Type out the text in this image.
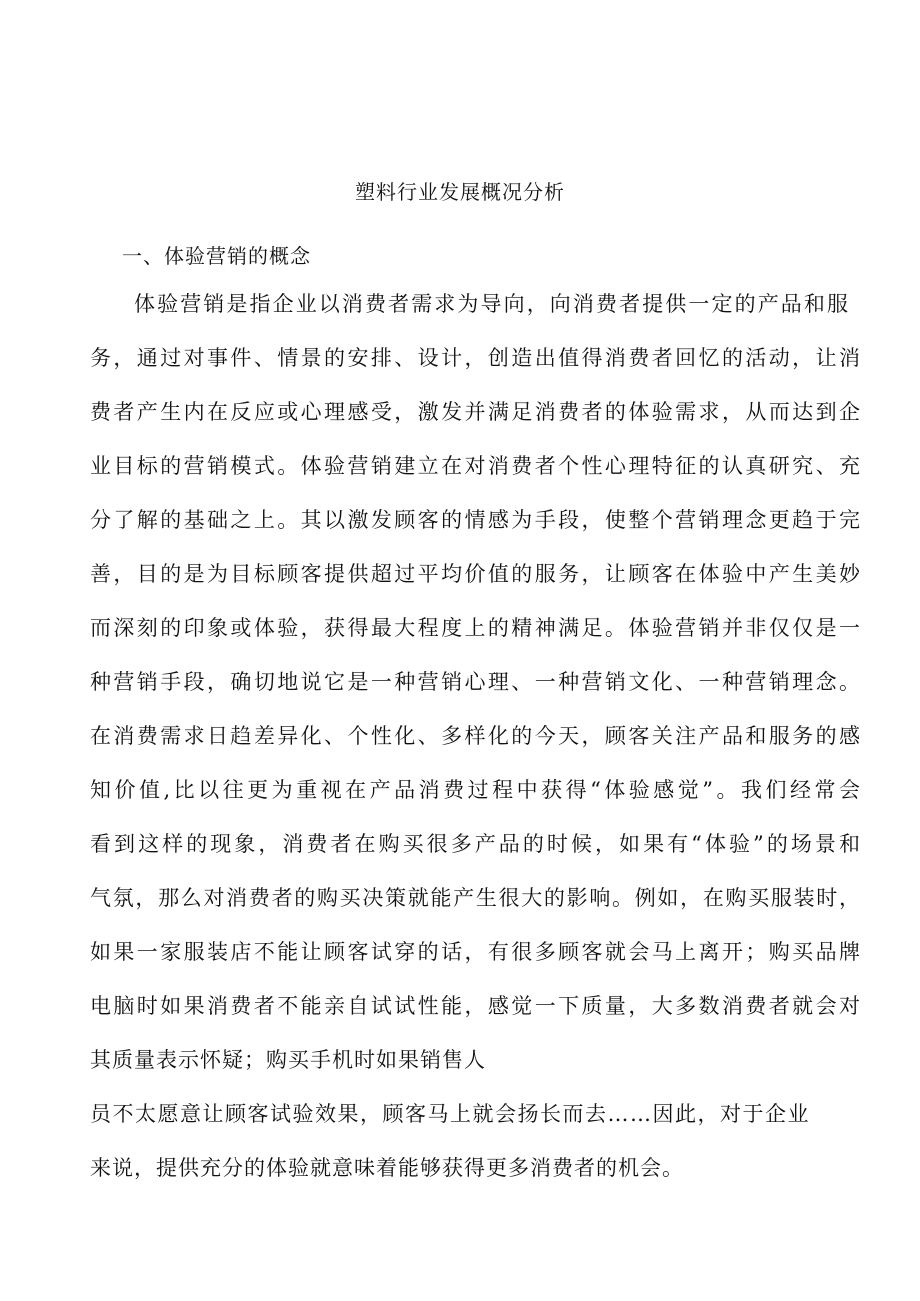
塑料行业发展概况分析
一、体验营销的概念
体验营销是指企业以消费者需求为导向，向消费者提供一定的产品和服
务，通过对事件、情景的安排、设计，创造出值得消费者回忆的活动，让消
费者产生内在反应或心理感受，激发并满足消费者的体验需求，从而达到企
业目标的营销模式。体验营销建立在对消费者个性心理特征的认真研究、充
分了解的基础之上。其以激发顾客的情感为手段，使整个营销理念更趋于完
善，目的是为目标顾客提供超过平均价值的服务，让顾客在体验中产生美妙
而深刻的印象或体验，获得最大程度上的精神满足。体验营销并非仅仅是一
种营销手段，确切地说它是一种营销心理、一种营销文化、一种营销理念。
在消费需求日趋差异化、个性化、多样化的今天，顾客关注产品和服务的感
知价值,比以往更为重视在产品消费过程中获得“体验感觉”。我们经常会
看到这样的现象，消费者在购买很多产品的时候，如果有“体验”的场景和
气氛，那么对消费者的购买决策就能产生很大的影响。例如，在购买服装时，
如果一家服装店不能让顾客试穿的话，有很多顾客就会马上离开；购买品牌
电脑时如果消费者不能亲自试试性能，感觉一下质量，大多数消费者就会对
其质量表示怀疑；购买手机时如果销售人
员不太愿意让顾客试验效果，顾客马上就会扬长而去……因此，对于企业
来说，提供充分的体验就意味着能够获得更多消费者的机会。
